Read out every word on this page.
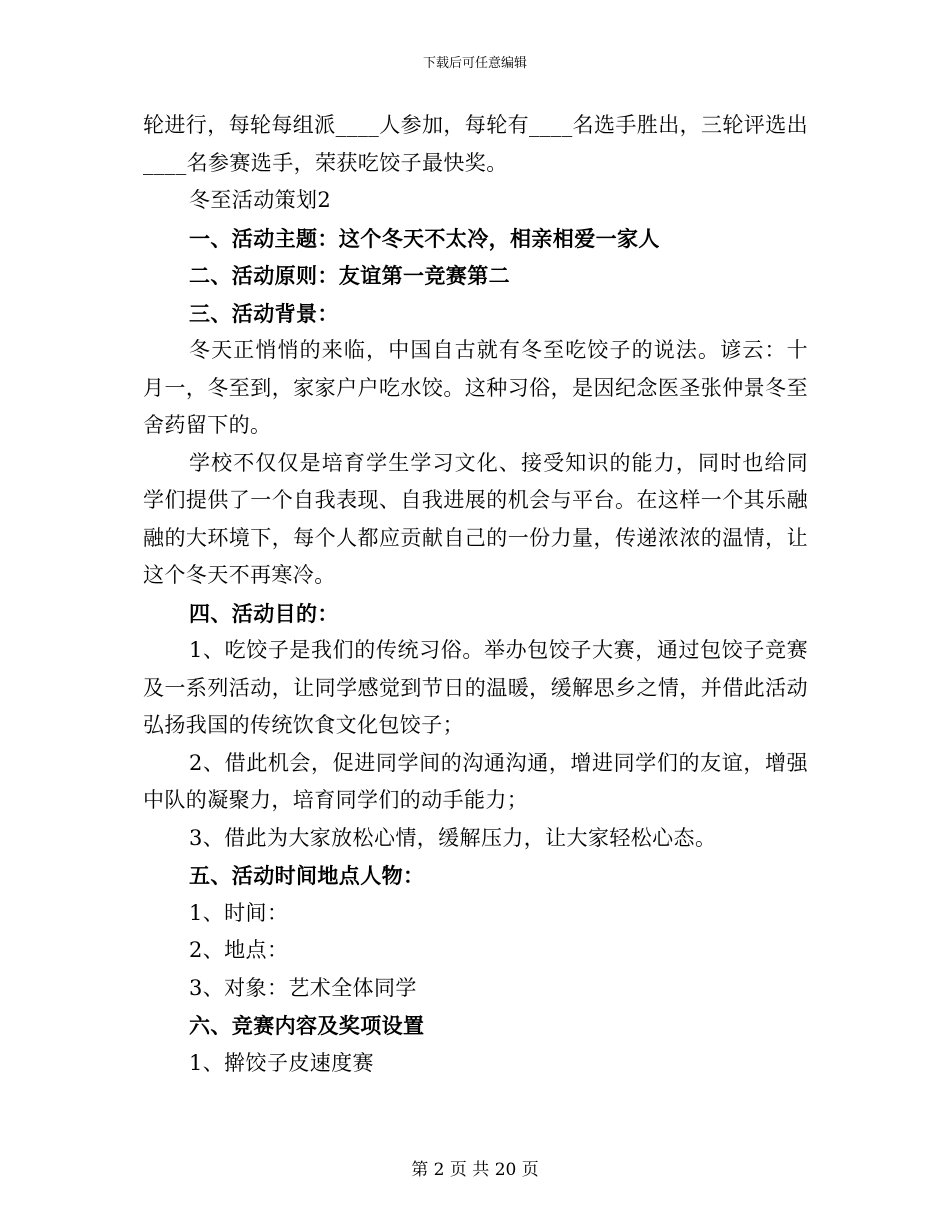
下载后可任意编辑

轮进行，每轮每组派____人参加，每轮有____名选手胜出，三轮评选出____名参赛选手，荣获吃饺子最快奖。

冬至活动策划2

一、活动主题：这个冬天不太冷，相亲相爱一家人

二、活动原则：友谊第一竞赛第二

三、活动背景：

冬天正悄悄的来临，中国自古就有冬至吃饺子的说法。谚云：十月一，冬至到，家家户户吃水饺。这种习俗，是因纪念医圣张仲景冬至舍药留下的。

学校不仅仅是培育学生学习文化、接受知识的能力，同时也给同学们提供了一个自我表现、自我进展的机会与平台。在这样一个其乐融融的大环境下，每个人都应贡献自己的一份力量，传递浓浓的温情，让这个冬天不再寒冷。

四、活动目的：

1、吃饺子是我们的传统习俗。举办包饺子大赛，通过包饺子竞赛及一系列活动，让同学感觉到节日的温暖，缓解思乡之情，并借此活动弘扬我国的传统饮食文化包饺子；

2、借此机会，促进同学间的沟通沟通，增进同学们的友谊，增强中队的凝聚力，培育同学们的动手能力；

3、借此为大家放松心情，缓解压力，让大家轻松心态。

五、活动时间地点人物：

1、时间：

2、地点：

3、对象：艺术全体同学

六、竞赛内容及奖项设置

1、擀饺子皮速度赛

第 2 页 共 20 页
